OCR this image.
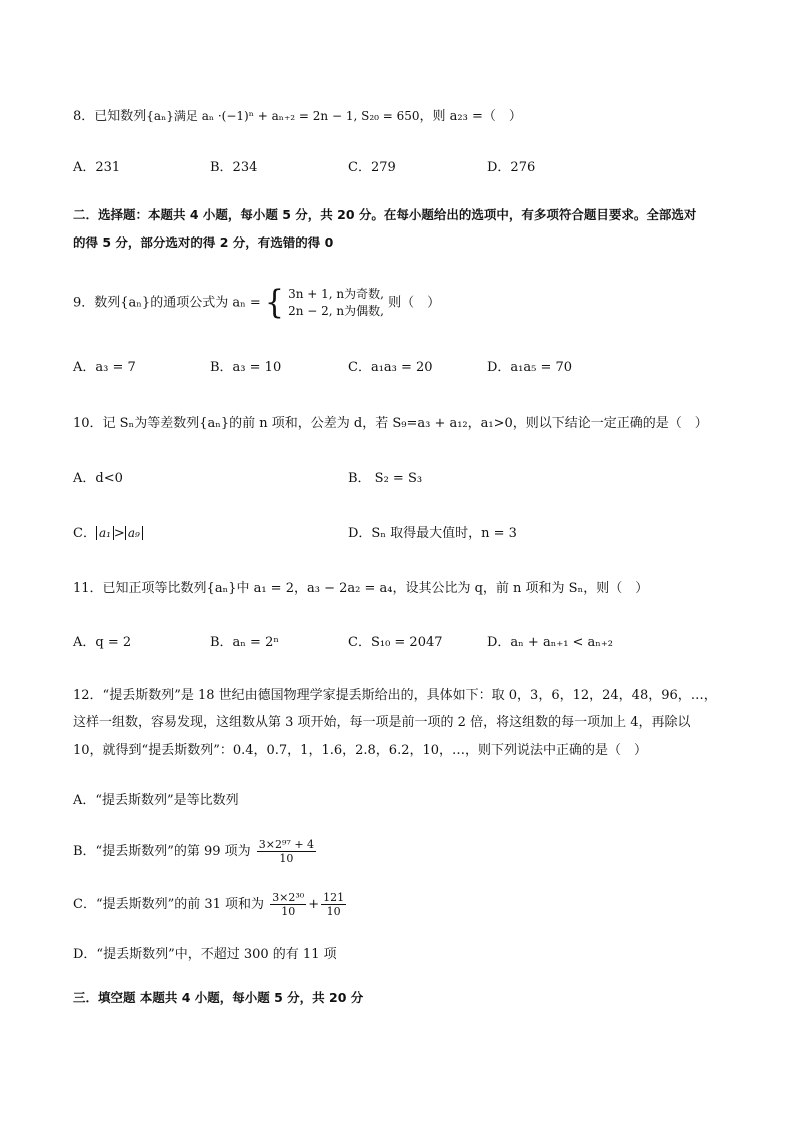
8．已知数列{aₙ}满足 aₙ ·(−1)ⁿ + aₙ₊₂ = 2n − 1, S₂₀ = 650，则 a₂₃ =（　）
A．231	B．234	C．279	D．276
二．选择题：本题共 4 小题，每小题 5 分，共 20 分。在每小题给出的选项中，有多项符合题目要求。全部选对
的得 5 分，部分选对的得 2 分，有选错的得 0
9．数列{aₙ}的通项公式为 aₙ = { 3n + 1, n为奇数,
2n − 2, n为偶数, 则（　）
A．a₃ = 7	B．a₃ = 10	C．a₁a₃ = 20	D．a₁a₅ = 70
10．记 Sₙ为等差数列{aₙ}的前 n 项和，公差为 d，若 S₉=a₃ + a₁₂，a₁>0，则以下结论一定正确的是（　）
A．d<0	B． S₂ = S₃
C． a₁ > a₉	D．Sₙ 取得最大值时，n = 3
11．已知正项等比数列{aₙ}中 a₁ = 2，a₃ − 2a₂ = a₄，设其公比为 q，前 n 项和为 Sₙ，则（　）
A．q = 2	B．aₙ = 2ⁿ	C．S₁₀ = 2047	D．aₙ + aₙ₊₁ < aₙ₊₂
12．“提丢斯数列”是 18 世纪由德国物理学家提丢斯给出的，具体如下：取 0，3，6，12，24，48，96，…，
这样一组数，容易发现，这组数从第 3 项开始，每一项是前一项的 2 倍，将这组数的每一项加上 4，再除以
10，就得到“提丢斯数列”：0.4，0.7，1，1.6，2.8，6.2，10，…，则下列说法中正确的是（　）
A．“提丢斯数列”是等比数列
B．“提丢斯数列”的第 99 项为 $\frac{\text{3×2⁹⁷ + 4}}{10}$
C．“提丢斯数列”的前 31 项和为 $\frac{\text{3×2³⁰}}{10} + \frac{121}{10}$
D．“提丢斯数列”中，不超过 300 的有 11 项
三．填空题 本题共 4 小题，每小题 5 分，共 20 分
